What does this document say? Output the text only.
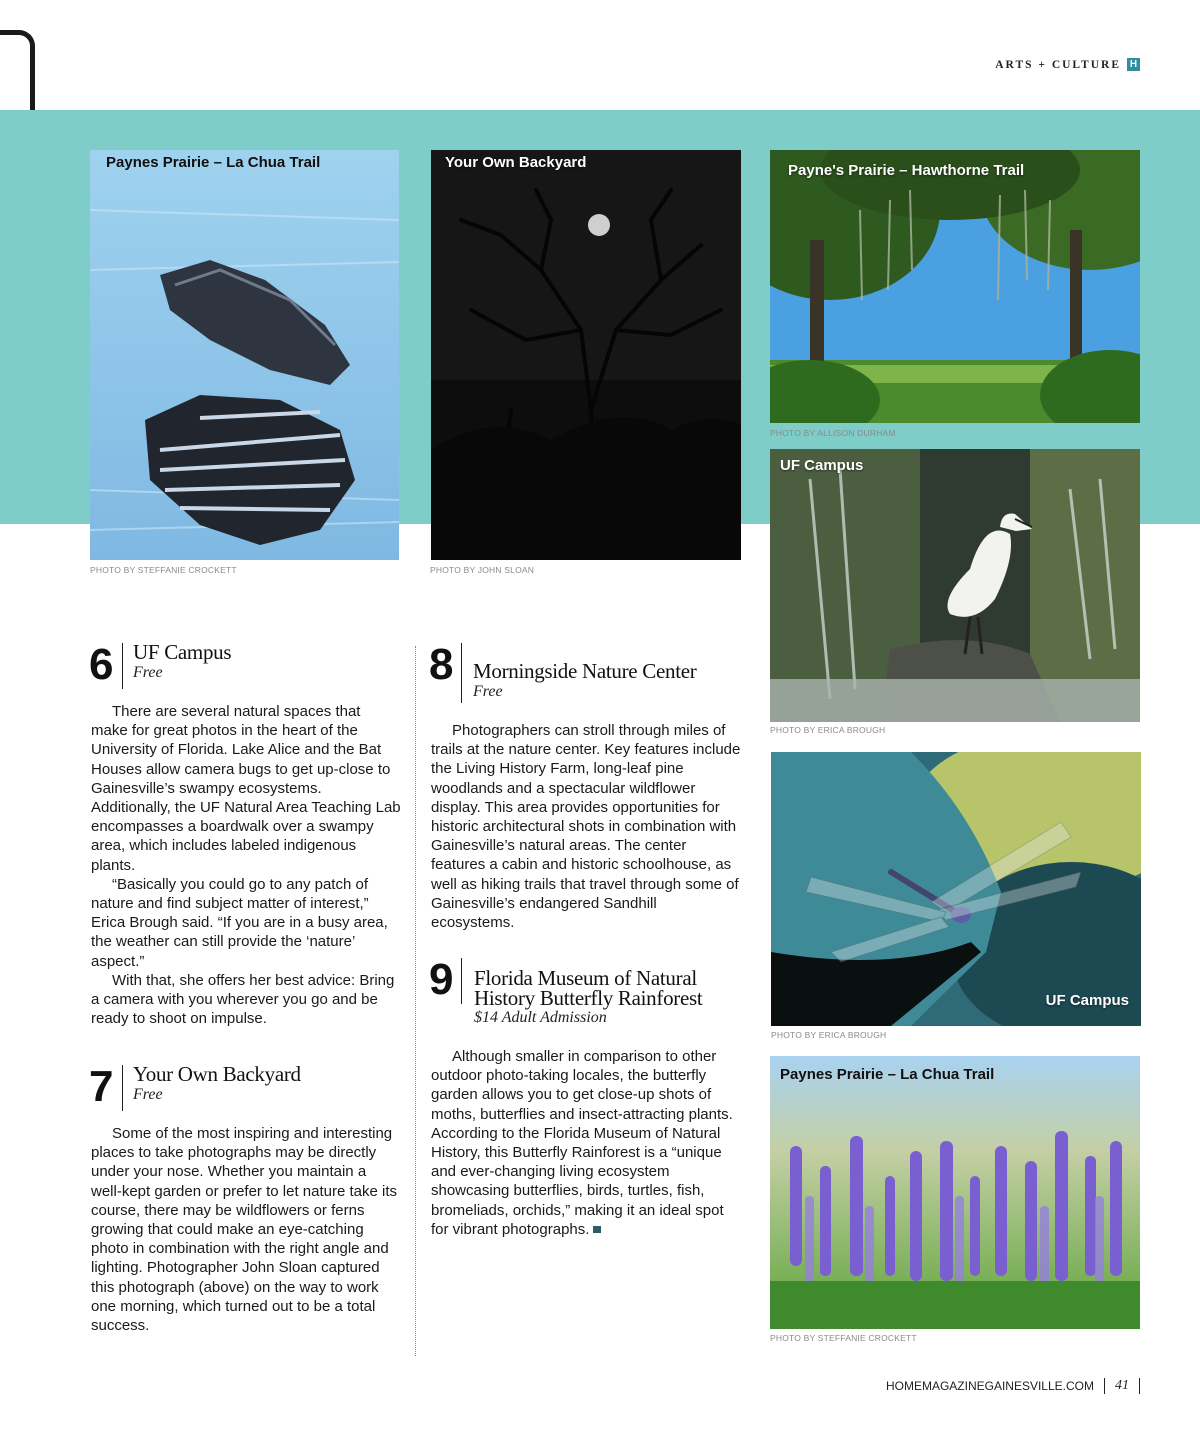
ARTS + CULTURE H
Paynes Prairie – La Chua Trail
PHOTO BY STEFFANIE CROCKETT
Your Own Backyard
PHOTO BY JOHN SLOAN
Payne's Prairie – Hawthorne Trail
PHOTO BY ALLISON DURHAM
UF Campus
PHOTO BY ERICA BROUGH
UF Campus
PHOTO BY ERICA BROUGH
Paynes Prairie – La Chua Trail
PHOTO BY STEFFANIE CROCKETT
6 UF Campus
Free

There are several natural spaces that make for great photos in the heart of the University of Florida. Lake Alice and the Bat Houses allow camera bugs to get up-close to Gainesville’s swampy ecosystems. Additionally, the UF Natural Area Teaching Lab encompasses a boardwalk over a swampy area, which includes labeled indigenous plants.

“Basically you could go to any patch of nature and find subject matter of interest,” Erica Brough said. “If you are in a busy area, the weather can still provide the ‘nature’ aspect.”

With that, she offers her best advice: Bring a camera with you wherever you go and be ready to shoot on impulse.

7 Your Own Backyard
Free

Some of the most inspiring and interesting places to take photographs may be directly under your nose. Whether you maintain a well-kept garden or prefer to let nature take its course, there may be wildflowers or ferns growing that could make an eye-catching photo in combination with the right angle and lighting. Photographer John Sloan captured this photograph (above) on the way to work one morning, which turned out to be a total success.

8 Morningside Nature Center
Free

Photographers can stroll through miles of trails at the nature center. Key features include the Living History Farm, long-leaf pine woodlands and a spectacular wildflower display. This area provides opportunities for historic architectural shots in combination with Gainesville’s natural areas. The center features a cabin and historic schoolhouse, as well as hiking trails that travel through some of Gainesville’s endangered Sandhill ecosystems.

9 Florida Museum of Natural
History Butterfly Rainforest
$14 Adult Admission

Although smaller in comparison to other outdoor photo-taking locales, the butterfly garden allows you to get close-up shots of moths, butterflies and insect-attracting plants. According to the Florida Museum of Natural History, this Butterfly Rainforest is a “unique and ever-changing living ecosystem showcasing butterflies, birds, turtles, fish, bromeliads, orchids,” making it an ideal spot for vibrant photographs.

HOMEMAGAZINEGAINESVILLE.COM 41
